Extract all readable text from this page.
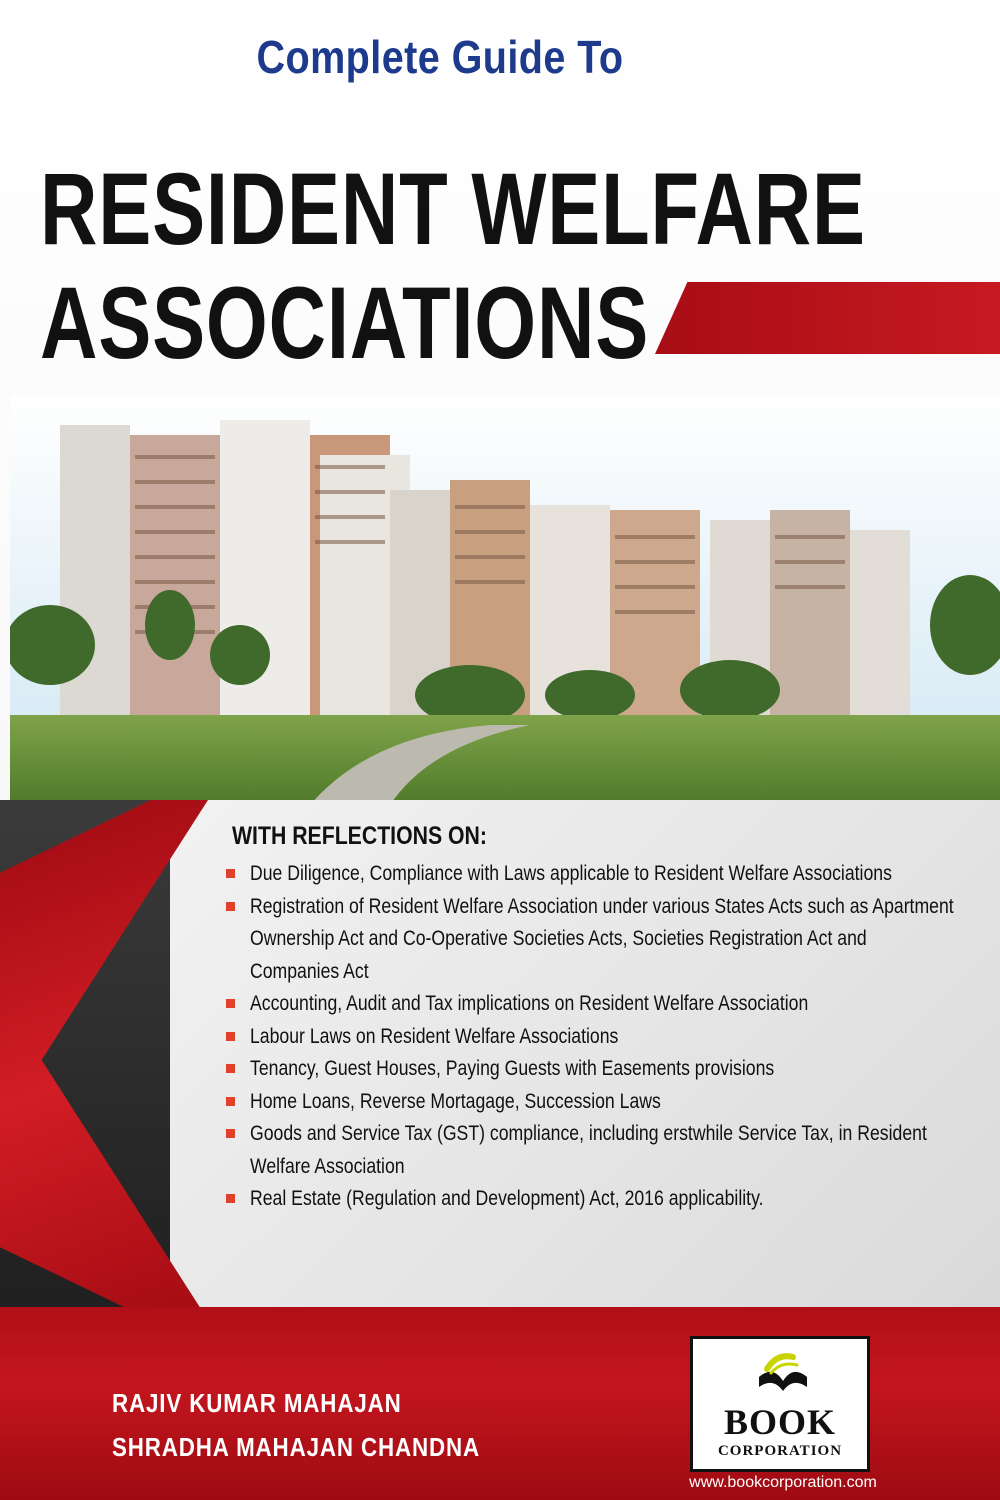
Complete Guide To
RESIDENT WELFARE
ASSOCIATIONS
WITH REFLECTIONS ON:
Due Diligence, Compliance with Laws applicable to Resident Welfare Associations
Registration of Resident Welfare Association under various States Acts such as Apartment Ownership Act and Co-Operative Societies Acts, Societies Registration Act and Companies Act
Accounting, Audit and Tax implications on Resident Welfare Association
Labour Laws on Resident Welfare Associations
Tenancy, Guest Houses, Paying Guests with Easements provisions
Home Loans, Reverse Mortagage, Succession Laws
Goods and Service Tax (GST) compliance, including erstwhile Service Tax, in Resident Welfare Association
Real Estate (Regulation and Development) Act, 2016 applicability.
RAJIV KUMAR MAHAJAN
SHRADHA MAHAJAN CHANDNA
BOOK
CORPORATION
www.bookcorporation.com
